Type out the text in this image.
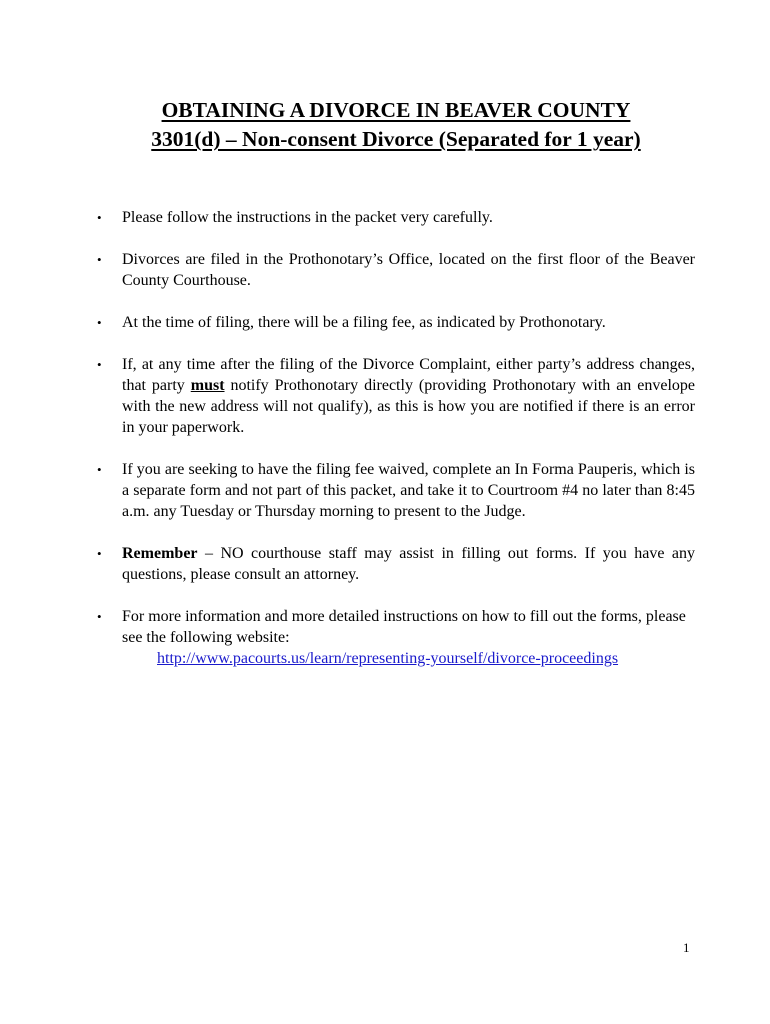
OBTAINING A DIVORCE IN BEAVER COUNTY
3301(d) – Non-consent Divorce (Separated for 1 year)
• Please follow the instructions in the packet very carefully.
• Divorces are filed in the Prothonotary’s Office, located on the first floor of the Beaver County Courthouse.
• At the time of filing, there will be a filing fee, as indicated by Prothonotary.
• If, at any time after the filing of the Divorce Complaint, either party’s address changes, that party must notify Prothonotary directly (providing Prothonotary with an envelope with the new address will not qualify), as this is how you are notified if there is an error in your paperwork.
• If you are seeking to have the filing fee waived, complete an In Forma Pauperis, which is a separate form and not part of this packet, and take it to Courtroom #4 no later than 8:45 a.m. any Tuesday or Thursday morning to present to the Judge.
• Remember – NO courthouse staff may assist in filling out forms. If you have any questions, please consult an attorney.
• For more information and more detailed instructions on how to fill out the forms, please see the following website:
http://www.pacourts.us/learn/representing-yourself/divorce-proceedings
1
